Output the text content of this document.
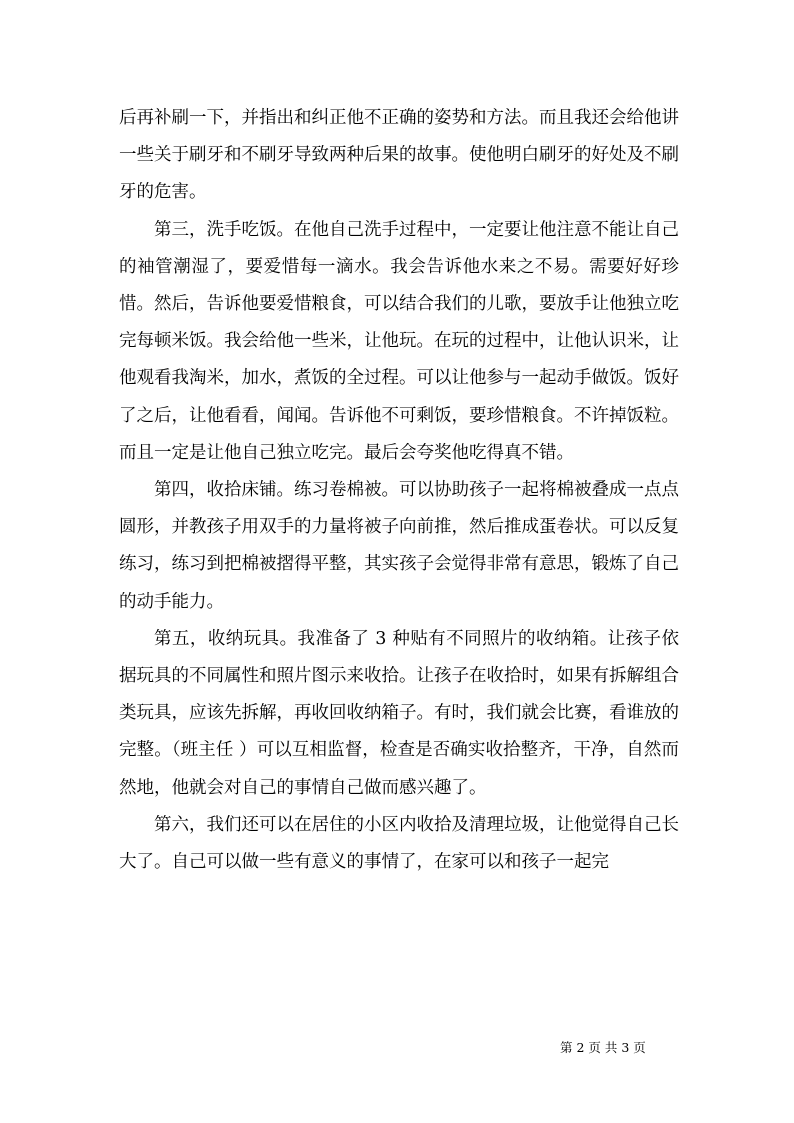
后再补刷一下，并指出和纠正他不正确的姿势和方法。而且我还会给他讲一些关于刷牙和不刷牙导致两种后果的故事。使他明白刷牙的好处及不刷牙的危害。

第三，洗手吃饭。在他自己洗手过程中，一定要让他注意不能让自己的袖管潮湿了，要爱惜每一滴水。我会告诉他水来之不易。需要好好珍惜。然后，告诉他要爱惜粮食，可以结合我们的儿歌，要放手让他独立吃完每顿米饭。我会给他一些米，让他玩。在玩的过程中，让他认识米，让他观看我淘米，加水，煮饭的全过程。可以让他参与一起动手做饭。饭好了之后，让他看看，闻闻。告诉他不可剩饭，要珍惜粮食。不许掉饭粒。而且一定是让他自己独立吃完。最后会夸奖他吃得真不错。

第四，收拾床铺。练习卷棉被。可以协助孩子一起将棉被叠成一点点圆形，并教孩子用双手的力量将被子向前推，然后推成蛋卷状。可以反复练习，练习到把棉被摺得平整，其实孩子会觉得非常有意思，锻炼了自己的动手能力。

第五，收纳玩具。我准备了 3 种贴有不同照片的收纳箱。让孩子依据玩具的不同属性和照片图示来收拾。让孩子在收拾时，如果有拆解组合类玩具，应该先拆解，再收回收纳箱子。有时，我们就会比赛，看谁放的完整。（班主任 ）可以互相监督，检查是否确实收拾整齐，干净，自然而然地，他就会对自己的事情自己做而感兴趣了。

第六，我们还可以在居住的小区内收拾及清理垃圾，让他觉得自己长大了。自己可以做一些有意义的事情了，在家可以和孩子一起完

第 2 页 共 3 页
